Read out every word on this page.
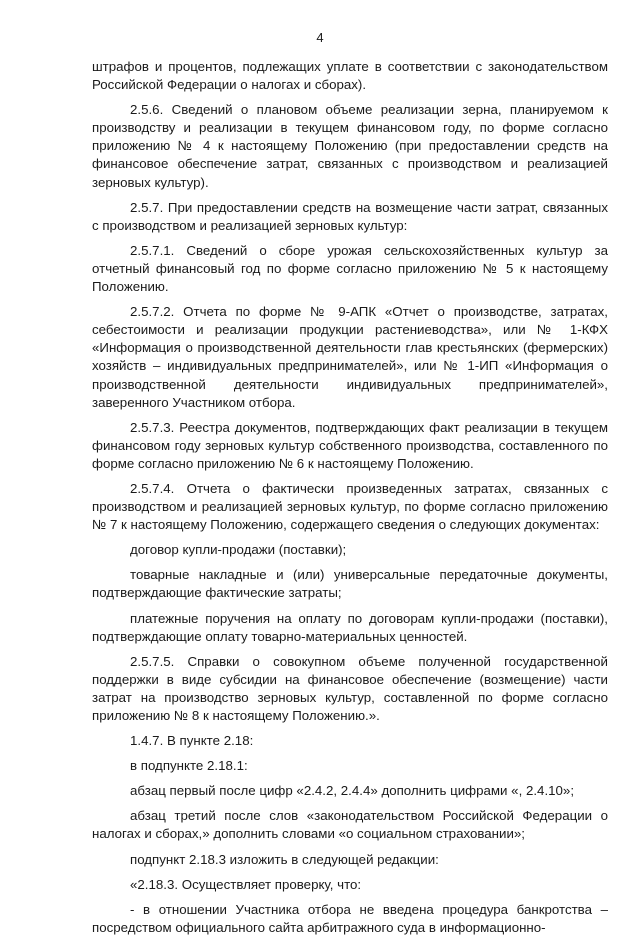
4

штрафов и процентов, подлежащих уплате в соответствии с законодательством Российской Федерации о налогах и сборах).

2.5.6. Сведений о плановом объеме реализации зерна, планируемом к производству и реализации в текущем финансовом году, по форме согласно приложению № 4 к настоящему Положению (при предоставлении средств на финансовое обеспечение затрат, связанных с производством и реализацией зерновых культур).

2.5.7. При предоставлении средств на возмещение части затрат, связанных с производством и реализацией зерновых культур:

2.5.7.1. Сведений о сборе урожая сельскохозяйственных культур за отчетный финансовый год по форме согласно приложению № 5 к настоящему Положению.

2.5.7.2. Отчета по форме № 9-АПК «Отчет о производстве, затратах, себестоимости и реализации продукции растениеводства», или № 1-КФХ «Информация о производственной деятельности глав крестьянских (фермерских) хозяйств – индивидуальных предпринимателей», или № 1-ИП «Информация о производственной деятельности индивидуальных предпринимателей», заверенного Участником отбора.

2.5.7.3. Реестра документов, подтверждающих факт реализации в текущем финансовом году зерновых культур собственного производства, составленного по форме согласно приложению № 6 к настоящему Положению.

2.5.7.4. Отчета о фактически произведенных затратах, связанных с производством и реализацией зерновых культур, по форме согласно приложению № 7 к настоящему Положению, содержащего сведения о следующих документах:

договор купли-продажи (поставки);

товарные накладные и (или) универсальные передаточные документы, подтверждающие фактические затраты;

платежные поручения на оплату по договорам купли-продажи (поставки), подтверждающие оплату товарно-материальных ценностей.

2.5.7.5. Справки о совокупном объеме полученной государственной поддержки в виде субсидии на финансовое обеспечение (возмещение) части затрат на производство зерновых культур, составленной по форме согласно приложению № 8 к настоящему Положению.».

1.4.7. В пункте 2.18:

в подпункте 2.18.1:

абзац первый после цифр «2.4.2, 2.4.4» дополнить цифрами «, 2.4.10»;

абзац третий после слов «законодательством Российской Федерации о налогах и сборах,» дополнить словами «о социальном страховании»;

подпункт 2.18.3 изложить в следующей редакции:

«2.18.3. Осуществляет проверку, что:

- в отношении Участника отбора не введена процедура банкротства – посредством официального сайта арбитражного суда в информационно-
